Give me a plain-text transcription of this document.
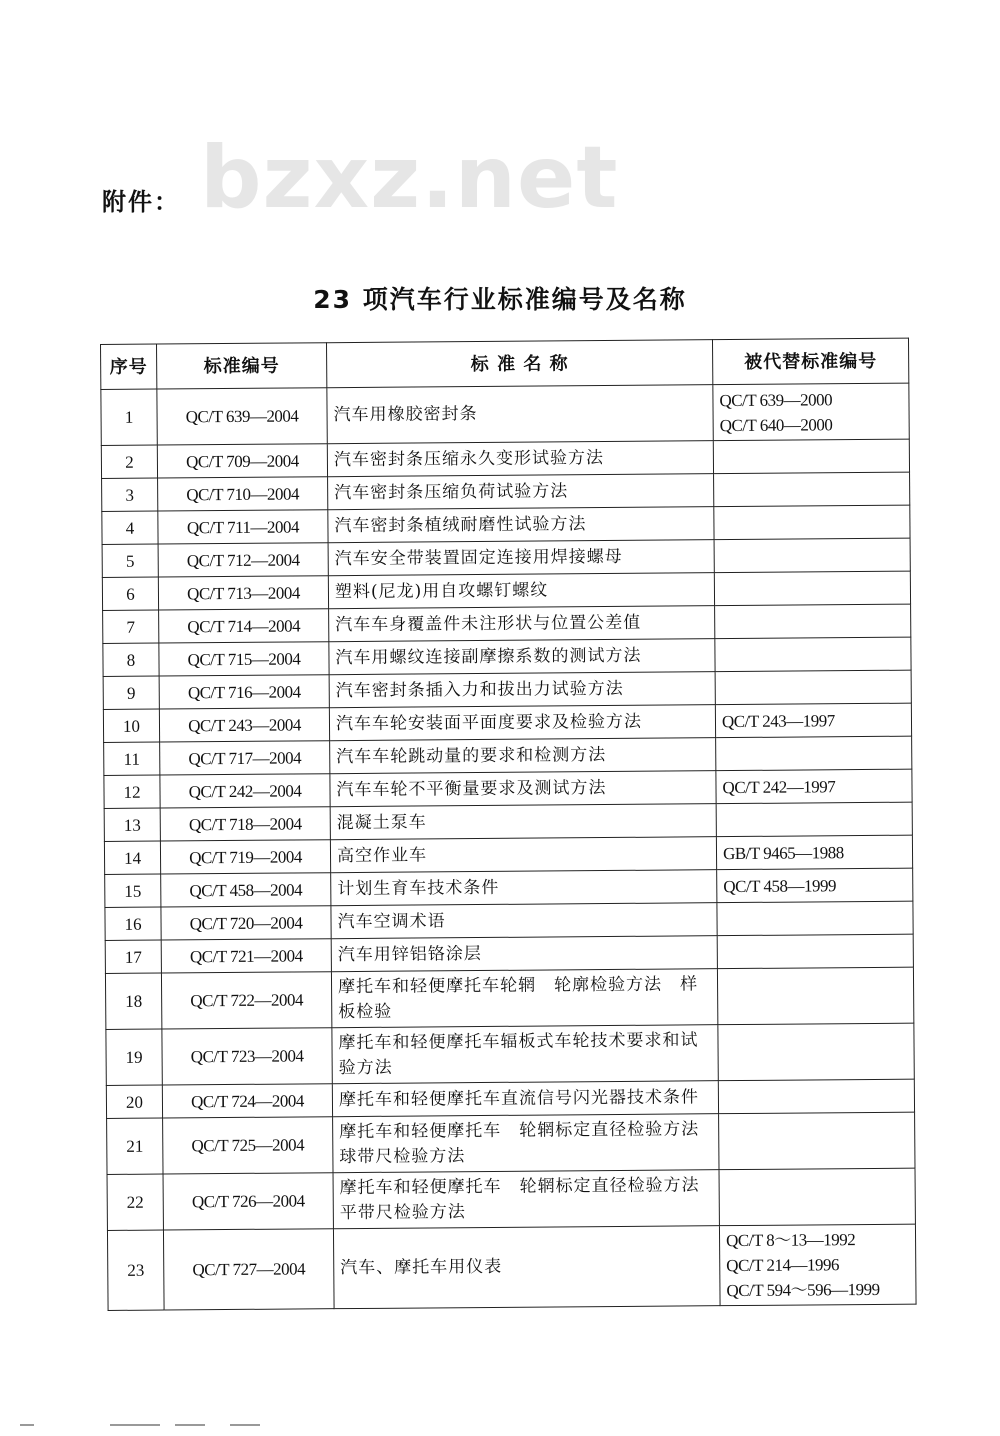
bzxz.net
附件：
23 项汽车行业标准编号及名称
序号	标准编号	标 准 名 称	被代替标准编号
1	QC/T 639—2004	汽车用橡胶密封条	QC/T 639—2000
QC/T 640—2000
2	QC/T 709—2004	汽车密封条压缩永久变形试验方法	
3	QC/T 710—2004	汽车密封条压缩负荷试验方法	
4	QC/T 711—2004	汽车密封条植绒耐磨性试验方法	
5	QC/T 712—2004	汽车安全带装置固定连接用焊接螺母	
6	QC/T 713—2004	塑料(尼龙)用自攻螺钉螺纹	
7	QC/T 714—2004	汽车车身覆盖件未注形状与位置公差值	
8	QC/T 715—2004	汽车用螺纹连接副摩擦系数的测试方法	
9	QC/T 716—2004	汽车密封条插入力和拔出力试验方法	
10	QC/T 243—2004	汽车车轮安装面平面度要求及检验方法	QC/T 243—1997
11	QC/T 717—2004	汽车车轮跳动量的要求和检测方法	
12	QC/T 242—2004	汽车车轮不平衡量要求及测试方法	QC/T 242—1997
13	QC/T 718—2004	混凝土泵车	
14	QC/T 719—2004	高空作业车	GB/T 9465—1988
15	QC/T 458—2004	计划生育车技术条件	QC/T 458—1999
16	QC/T 720—2004	汽车空调术语	
17	QC/T 721—2004	汽车用锌铝铬涂层	
18	QC/T 722—2004	摩托车和轻便摩托车轮辋　轮廓检验方法　样板检验	
19	QC/T 723—2004	摩托车和轻便摩托车辐板式车轮技术要求和试验方法	
20	QC/T 724—2004	摩托车和轻便摩托车直流信号闪光器技术条件	
21	QC/T 725—2004	摩托车和轻便摩托车　轮辋标定直径检验方法　球带尺检验方法	
22	QC/T 726—2004	摩托车和轻便摩托车　轮辋标定直径检验方法　平带尺检验方法	
23	QC/T 727—2004	汽车、摩托车用仪表	QC/T 8～13—1992
QC/T 214—1996
QC/T 594～596—1999
